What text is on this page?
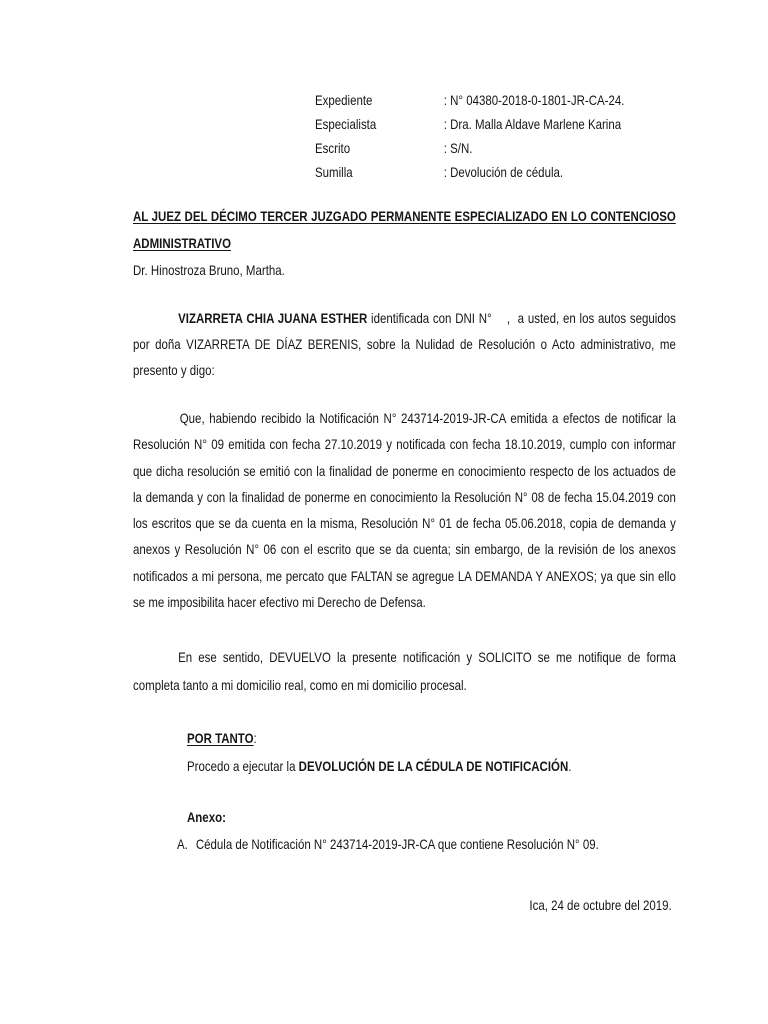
Expediente	: N° 04380-2018-0-1801-JR-CA-24.
Especialista	: Dra. Malla Aldave Marlene Karina
Escrito	: S/N.
Sumilla	: Devolución de cédula.
AL JUEZ DEL DÉCIMO TERCER JUZGADO PERMANENTE ESPECIALIZADO EN LO CONTENCIOSO ADMINISTRATIVO
Dr. Hinostroza Bruno, Martha.
VIZARRETA CHIA JUANA ESTHER identificada con DNI N°    ,  a usted, en los autos seguidos por doña VIZARRETA DE DÍAZ BERENIS, sobre la Nulidad de Resolución o Acto administrativo, me presento y digo:
Que, habiendo recibido la Notificación N° 243714-2019-JR-CA emitida a efectos de notificar la Resolución N° 09 emitida con fecha 27.10.2019 y notificada con fecha 18.10.2019, cumplo con informar que dicha resolución se emitió con la finalidad de ponerme en conocimiento respecto de los actuados de la demanda y con la finalidad de ponerme en conocimiento la Resolución N° 08 de fecha 15.04.2019 con los escritos que se da cuenta en la misma, Resolución N° 01 de fecha 05.06.2018, copia de demanda y anexos y Resolución N° 06 con el escrito que se da cuenta; sin embargo, de la revisión de los anexos notificados a mi persona, me percato que FALTAN se agregue LA DEMANDA Y ANEXOS; ya que sin ello se me imposibilita hacer efectivo mi Derecho de Defensa.
En ese sentido, DEVUELVO la presente notificación y SOLICITO se me notifique de forma completa tanto a mi domicilio real, como en mi domicilio procesal.
POR TANTO:
Procedo a ejecutar la DEVOLUCIÓN DE LA CÉDULA DE NOTIFICACIÓN.
Anexo:
A. Cédula de Notificación N° 243714-2019-JR-CA que contiene Resolución N° 09.
Ica, 24 de octubre del 2019.
